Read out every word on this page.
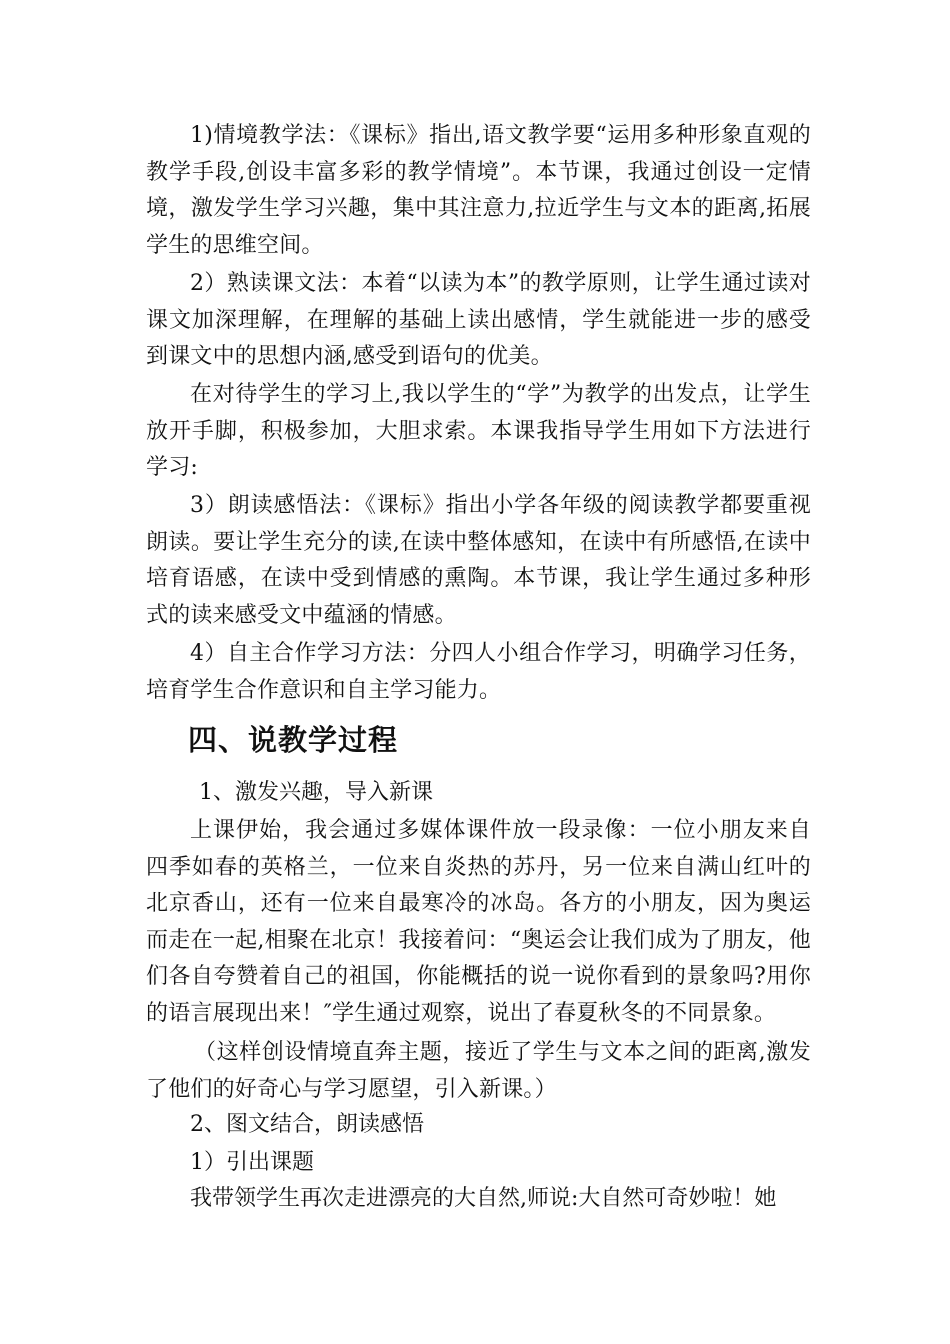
1)情境教学法：《课标》指出,语文教学要“运用多种形象直观的教学手段,创设丰富多彩的教学情境”。本节课，我通过创设一定情境，激发学生学习兴趣，集中其注意力,拉近学生与文本的距离,拓展学生的思维空间。

2）熟读课文法：本着“以读为本”的教学原则，让学生通过读对课文加深理解，在理解的基础上读出感情，学生就能进一步的感受到课文中的思想内涵,感受到语句的优美。

在对待学生的学习上,我以学生的“学”为教学的出发点，让学生放开手脚，积极参加，大胆求索。本课我指导学生用如下方法进行学习:

3）朗读感悟法：《课标》指出小学各年级的阅读教学都要重视朗读。要让学生充分的读,在读中整体感知，在读中有所感悟,在读中培育语感，在读中受到情感的熏陶。本节课，我让学生通过多种形式的读来感受文中蕴涵的情感。

4）自主合作学习方法：分四人小组合作学习，明确学习任务，培育学生合作意识和自主学习能力。

四、说教学过程

1、激发兴趣，导入新课

上课伊始，我会通过多媒体课件放一段录像：一位小朋友来自四季如春的英格兰，一位来自炎热的苏丹，另一位来自满山红叶的北京香山，还有一位来自最寒冷的冰岛。各方的小朋友，因为奥运而走在一起,相聚在北京！我接着问：“奥运会让我们成为了朋友，他们各自夸赞着自己的祖国，你能概括的说一说你看到的景象吗?用你的语言展现出来！″学生通过观察，说出了春夏秋冬的不同景象。

（这样创设情境直奔主题，接近了学生与文本之间的距离,激发了他们的好奇心与学习愿望，引入新课。）

2、图文结合，朗读感悟

1）引出课题

我带领学生再次走进漂亮的大自然,师说:大自然可奇妙啦！她
